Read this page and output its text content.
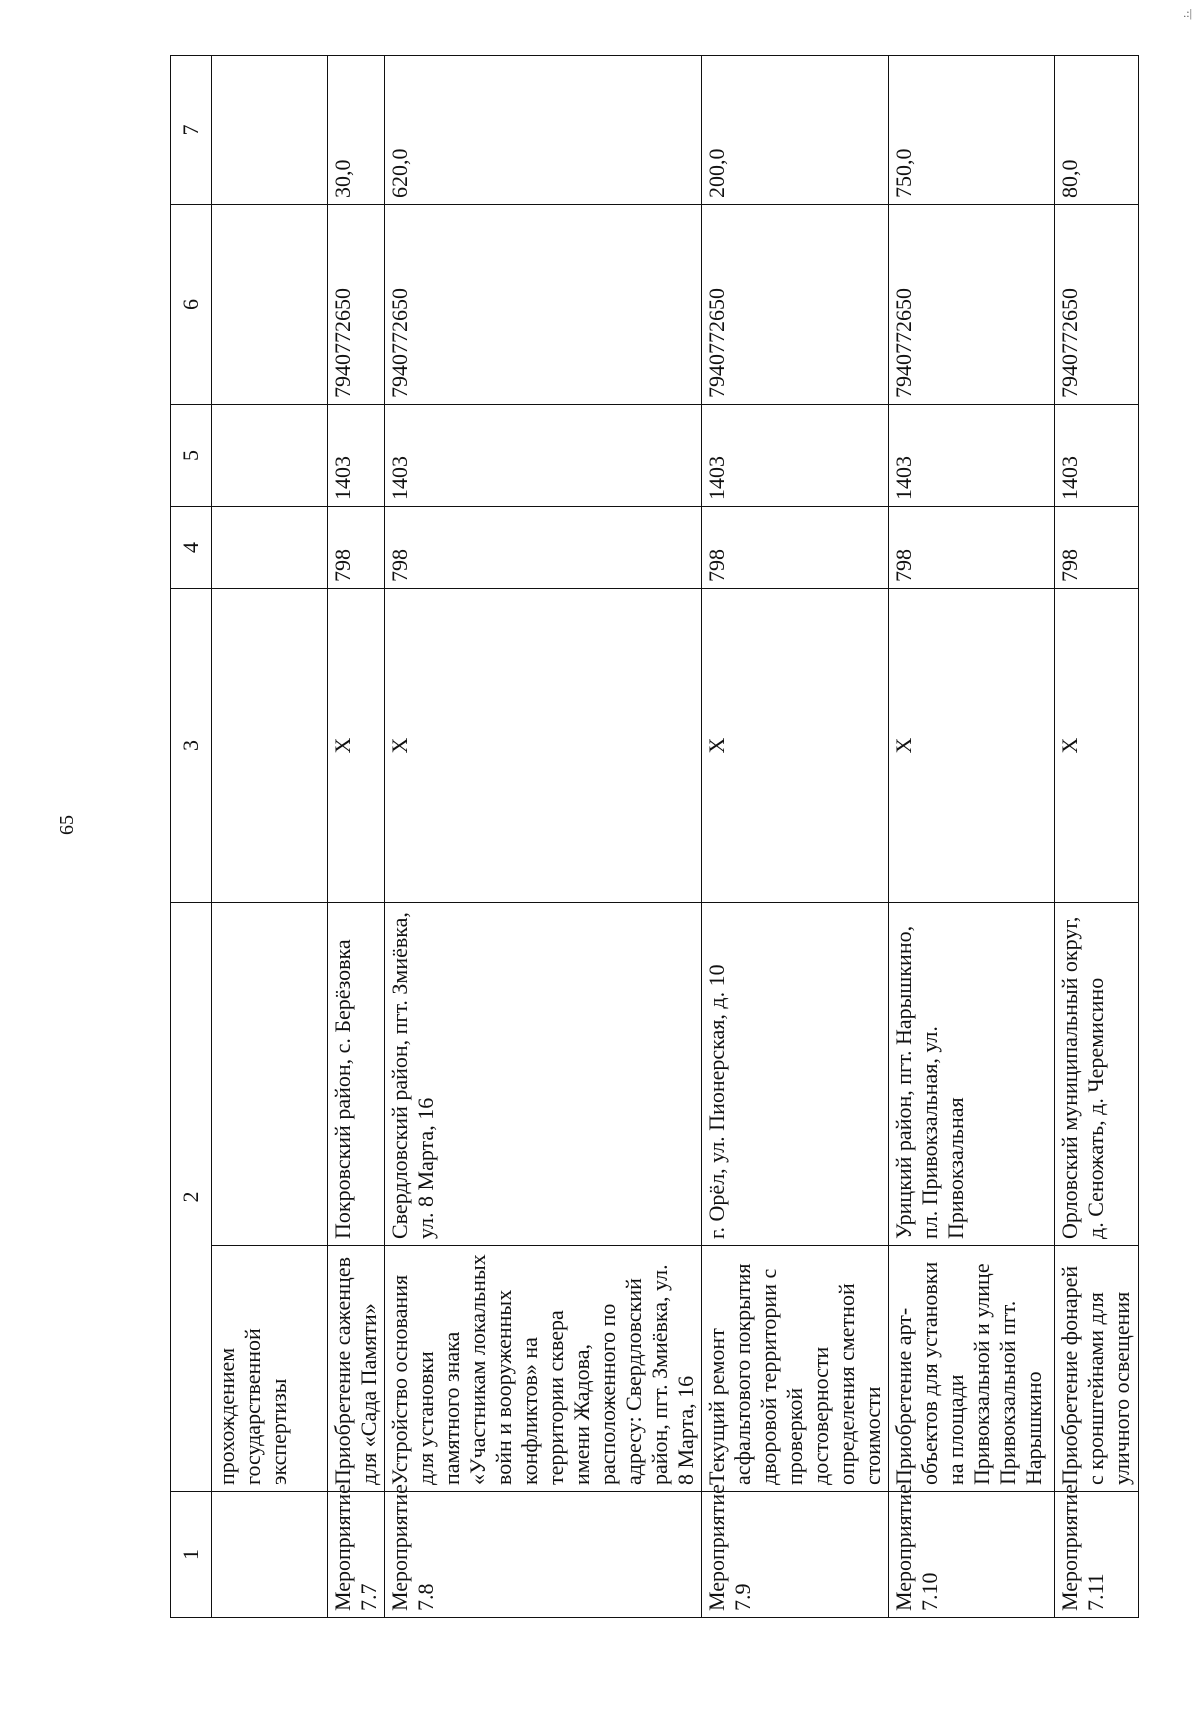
65
.:|
1	2		3	4	5	6	7
	прохождением государственной экспертизы						
Мероприятие 7.7	Приобретение саженцев для «Сада Памяти»	Покровский район, с. Берёзовка	Х	798	1403	7940772650	30,0
Мероприятие 7.8	Устройство основания для установки памятного знака «Участникам локальных войн и вооруженных конфликтов» на территории сквера имени Жадова, расположенного по адресу: Свердловский район, пгт. Змиёвка, ул. 8 Марта, 16	Свердловский район, пгт. Змиёвка, ул. 8 Марта, 16	Х	798	1403	7940772650	620,0
Мероприятие 7.9	Текущий ремонт асфальтового покрытия дворовой территории с проверкой достоверности определения сметной стоимости	г. Орёл, ул. Пионерская, д. 10	Х	798	1403	7940772650	200,0
Мероприятие 7.10	Приобретение арт-объектов для установки на площади Привокзальной и улице Привокзальной пгт. Нарышкино	Урицкий район, пгт. Нарышкино, пл. Привокзальная, ул. Привокзальная	Х	798	1403	7940772650	750,0
Мероприятие 7.11	Приобретение фонарей с кронштейнами для уличного освещения	Орловский муниципальный округ, д. Сеножать, д. Черемисино	Х	798	1403	7940772650	80,0
